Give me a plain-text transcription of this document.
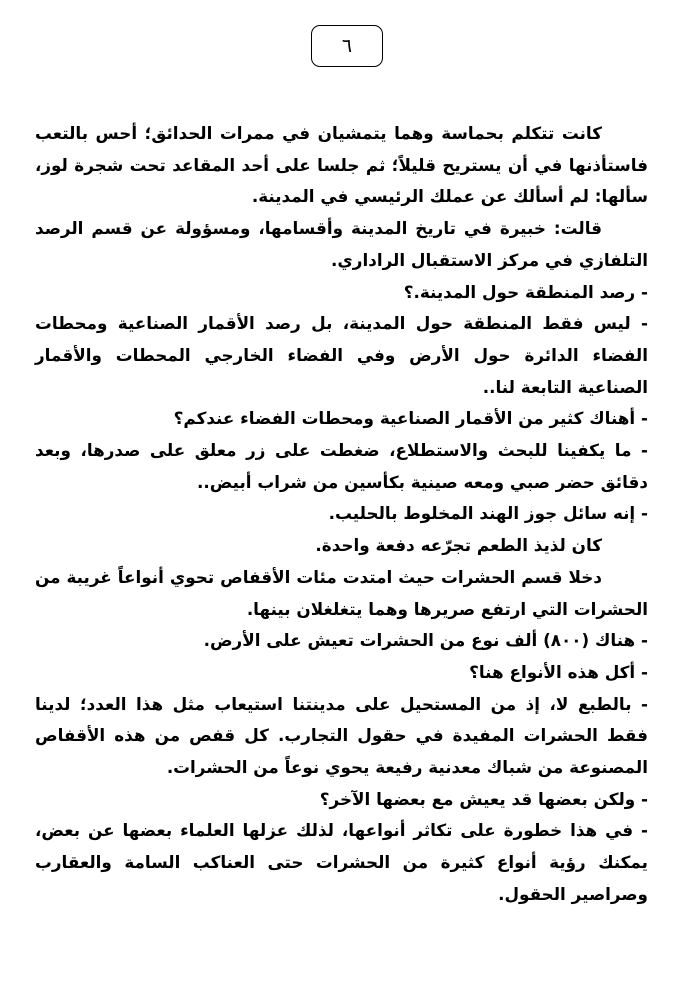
٦

كانت تتكلم بحماسة وهما يتمشيان في ممرات الحدائق؛ أحس بالتعب فاستأذنها في أن يستريح قليلاً؛ ثم جلسا على أحد المقاعد تحت شجرة لوز، سألها: لم أسألك عن عملك الرئيسي في المدينة.

قالت: خبيرة في تاريخ المدينة وأقسامها، ومسؤولة عن قسم الرصد التلفازي في مركز الاستقبال الراداري.

- رصد المنطقة حول المدينة.؟

- ليس فقط المنطقة حول المدينة، بل رصد الأقمار الصناعية ومحطات الفضاء الدائرة حول الأرض وفي الفضاء الخارجي المحطات والأقمار الصناعية التابعة لنا..

- أهناك كثير من الأقمار الصناعية ومحطات الفضاء عندكم؟

- ما يكفينا للبحث والاستطلاع، ضغطت على زر معلق على صدرها، وبعد دقائق حضر صبي ومعه صينية بكأسين من شراب أبيض..

- إنه سائل جوز الهند المخلوط بالحليب.

كان لذيذ الطعم تجرّعه دفعة واحدة.

دخلا قسم الحشرات حيث امتدت مئات الأقفاص تحوي أنواعاً غريبة من الحشرات التي ارتفع صريرها وهما يتغلغلان بينها.

- هناك (٨٠٠) ألف نوع من الحشرات تعيش على الأرض.

- أكل هذه الأنواع هنا؟

- بالطبع لا، إذ من المستحيل على مدينتنا استيعاب مثل هذا العدد؛ لدينا فقط الحشرات المفيدة في حقول التجارب. كل قفص من هذه الأقفاص المصنوعة من شباك معدنية رفيعة يحوي نوعاً من الحشرات.

- ولكن بعضها قد يعيش مع بعضها الآخر؟

- في هذا خطورة على تكاثر أنواعها، لذلك عزلها العلماء بعضها عن بعض، يمكنك رؤية أنواع كثيرة من الحشرات حتى العناكب السامة والعقارب وصراصير الحقول.
